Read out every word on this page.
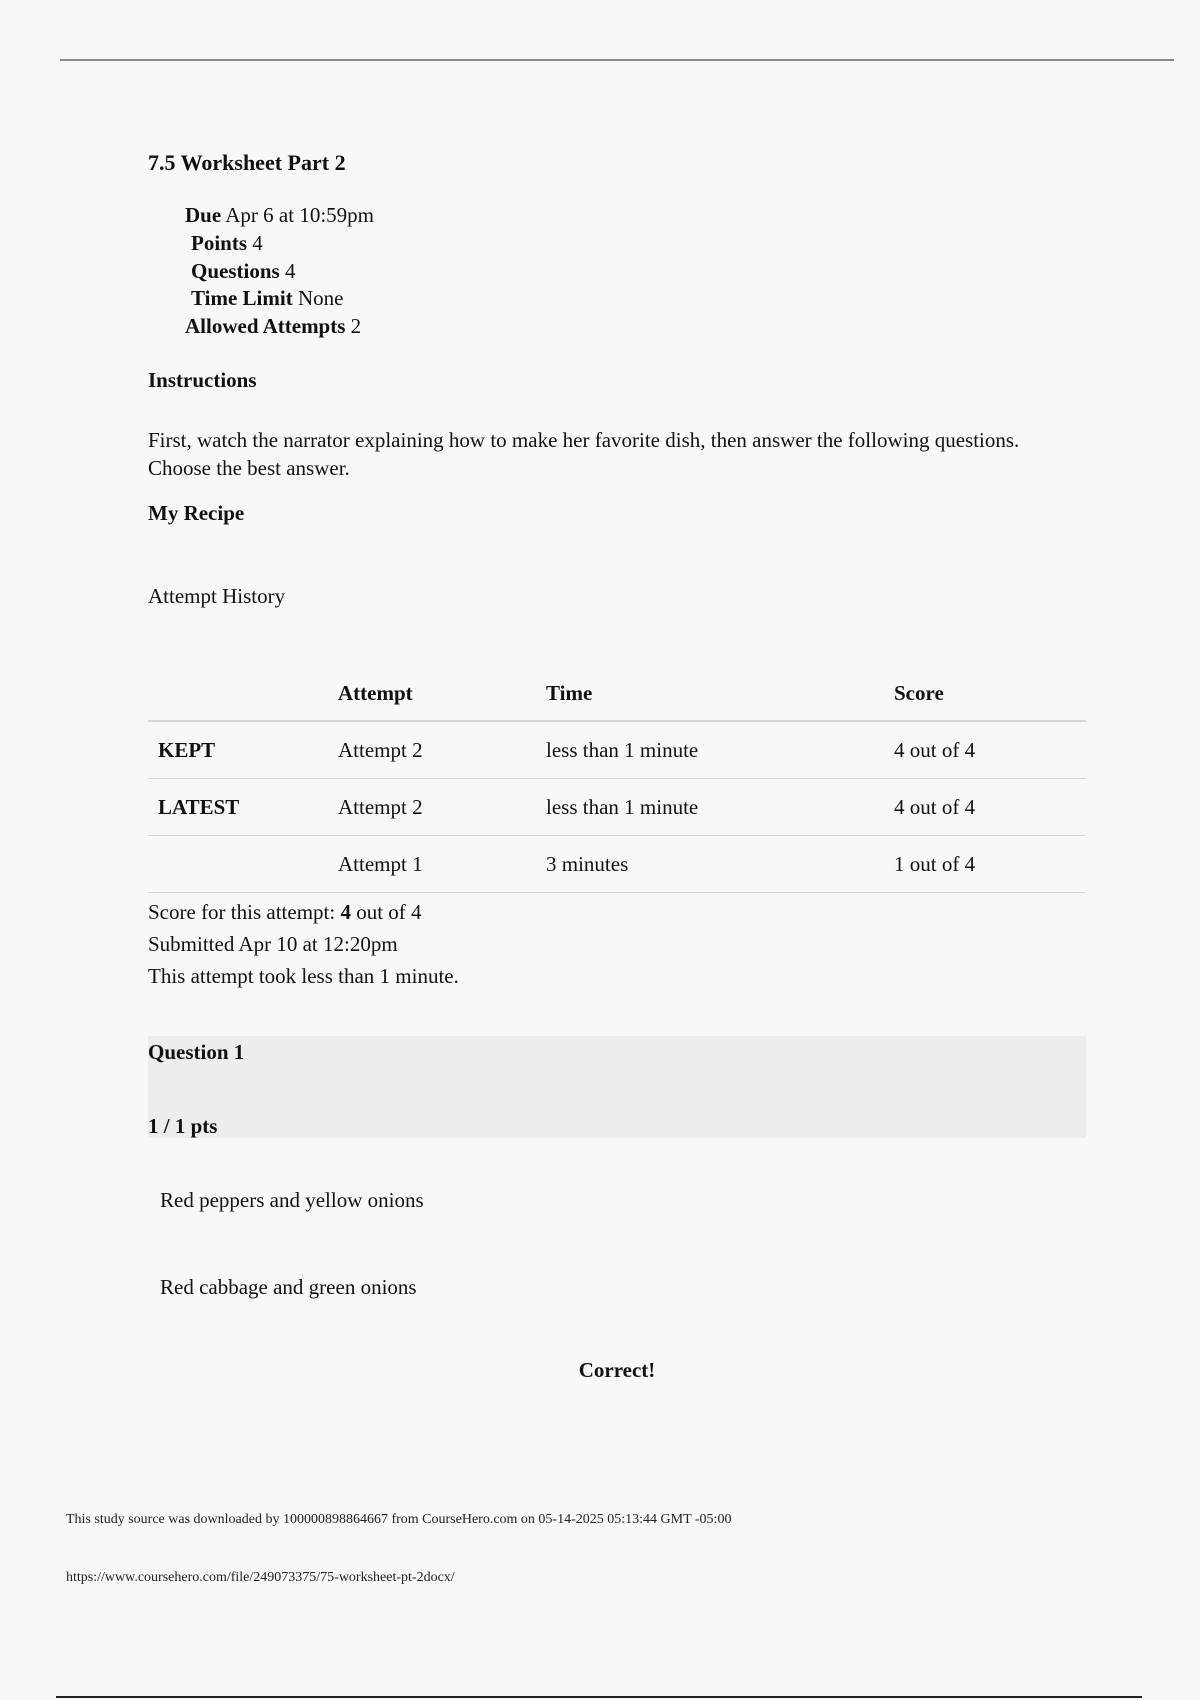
7.5 Worksheet Part 2
Due Apr 6 at 10:59pm
Points 4
Questions 4
Time Limit None
Allowed Attempts 2
Instructions
First, watch the narrator explaining how to make her favorite dish, then answer the following questions. Choose the best answer.
My Recipe
Attempt History
	Attempt	Time	Score
KEPT	Attempt 2	less than 1 minute	4 out of 4
LATEST	Attempt 2	less than 1 minute	4 out of 4
	Attempt 1	3 minutes	1 out of 4
Score for this attempt: 4 out of 4
Submitted Apr 10 at 12:20pm
This attempt took less than 1 minute.
Question 1
1 / 1 pts
Red peppers and yellow onions
Red cabbage and green onions
Correct!
This study source was downloaded by 100000898864667 from CourseHero.com on 05-14-2025 05:13:44 GMT -05:00
https://www.coursehero.com/file/249073375/75-worksheet-pt-2docx/
